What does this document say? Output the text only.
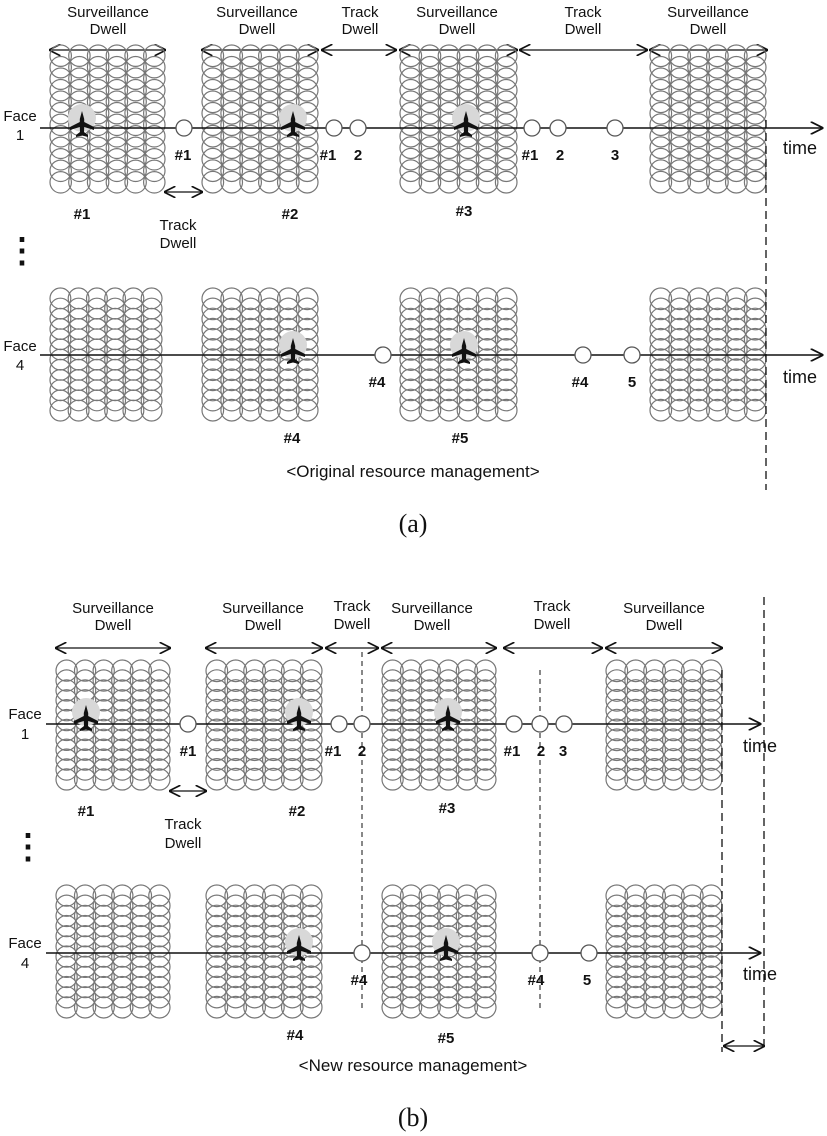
Surveillance
Dwell
Surveillance
Dwell
Track
Dwell
Surveillance
Dwell
Track
Dwell
Surveillance
Dwell
Track
Dwell
Face
1
Face
4
time
time
⋮
#1	#1 2	#1 2	3
#4	#4	5
#1	#2	#3
#4	#5
<Original resource management>
(a)
Surveillance
Dwell
Surveillance
Dwell
Track
Dwell
Surveillance
Dwell
Track
Dwell
Surveillance
Dwell
Track
Dwell
Face
1
Face
4
time
time
⋮
#1	#1 2	#1 2 3
#4	#4	5
#1	#2	#3
#4	#5
<New resource management>
(b)
